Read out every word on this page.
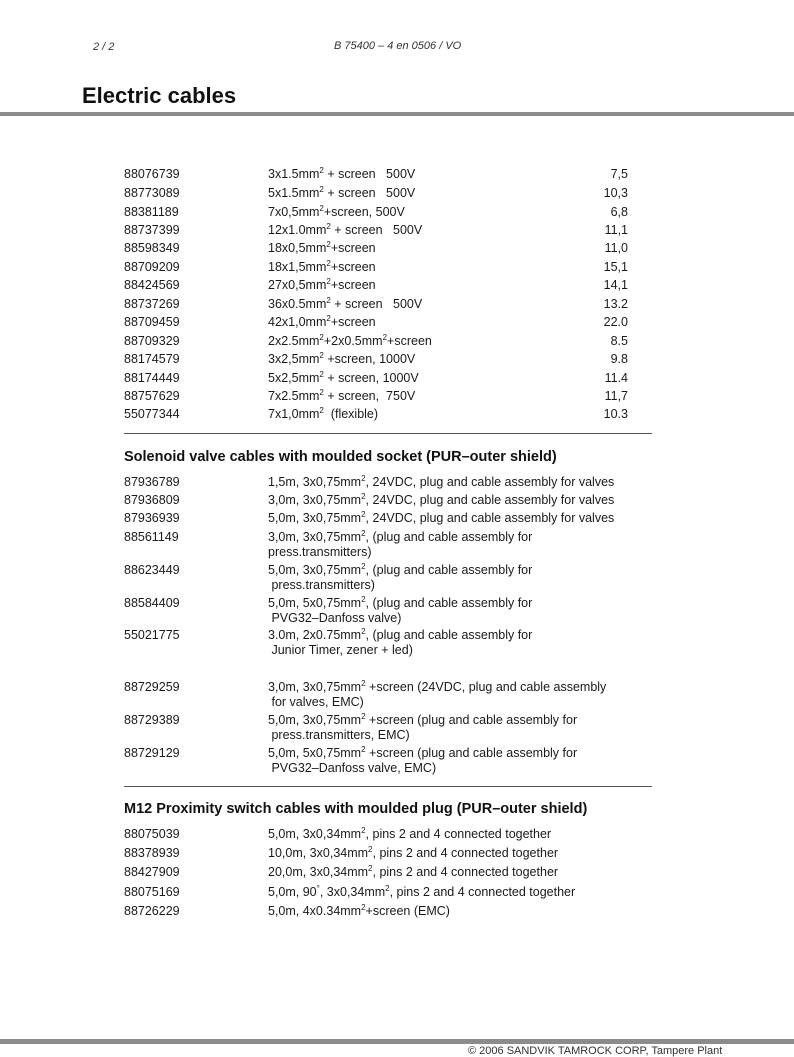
2 / 2	B 75400 – 4 en 0506 / VO
Electric cables
88076739	$3x1.5mm^2$ + screen   500V	7,5
88773089	$5x1.5mm^2$ + screen   500V	10,3
88381189	$7x0,5mm^2+screen$, 500V	6,8
88737399	$12x1.0mm^2$ + screen   500V	11,1
88598349	$18x0,5mm^2+screen$	11,0
88709209	$18x1,5mm^2+screen$	15,1
88424569	$27x0,5mm^2+screen$	14,1
88737269	$36x0.5mm^2$ + screen   500V	13.2
88709459	$42x1,0mm^2+screen$	22.0
88709329	$2x2.5mm^2+2x0.5mm^2+screen$	8.5
88174579	$3x2,5mm^2$ +screen, 1000V	9.8
88174449	$5x2,5mm^2$ + screen, 1000V	11.4
88757629	$7x2.5mm^2$ + screen,  750V	11,7
55077344	$7x1,0mm^2$  (flexible)	10.3
Solenoid valve cables with moulded socket (PUR–outer shield)
87936789	1,5m, $3x0,75mm^2$, 24VDC, plug and cable assembly for valves
87936809	3,0m, $3x0,75mm^2$, 24VDC, plug and cable assembly for valves
87936939	5,0m, $3x0,75mm^2$, 24VDC, plug and cable assembly for valves
88561149	3,0m, $3x0,75mm^2$, (plug and cable assembly for
press.transmitters)
88623449	5,0m, $3x0,75mm^2$, (plug and cable assembly for
press.transmitters)
88584409	5,0m, $5x0,75mm^2$, (plug and cable assembly for
PVG32–Danfoss valve)
55021775	3.0m, $2x0.75mm^2$, (plug and cable assembly for
Junior Timer, zener + led)
88729259	3,0m, $3x0,75mm^2$ +screen (24VDC, plug and cable assembly
for valves, EMC)
88729389	5,0m, $3x0,75mm^2$ +screen (plug and cable assembly for
press.transmitters, EMC)
88729129	5,0m, $5x0,75mm^2$ +screen (plug and cable assembly for
PVG32–Danfoss valve, EMC)
M12 Proximity switch cables with moulded plug (PUR–outer shield)
88075039	5,0m, $3x0,34mm^2$, pins 2 and 4 connected together
88378939	10,0m, $3x0,34mm^2$, pins 2 and 4 connected together
88427909	20,0m, $3x0,34mm^2$, pins 2 and 4 connected together
88075169	5,0m, 90°, $3x0,34mm^2$, pins 2 and 4 connected together
88726229	5,0m, $4x0.34mm^2+screen$ (EMC)
© 2006 SANDVIK TAMROCK CORP, Tampere Plant
